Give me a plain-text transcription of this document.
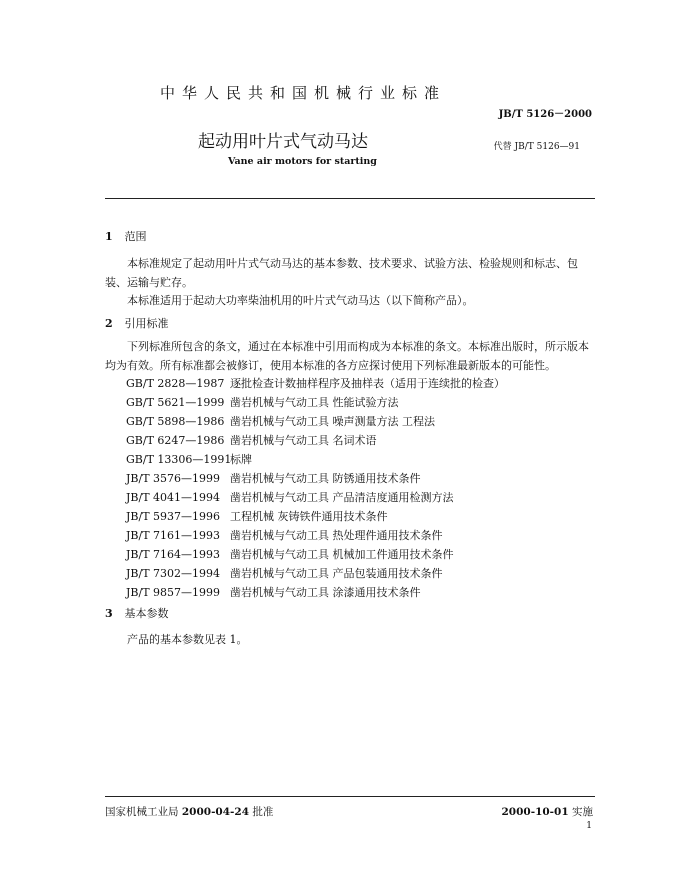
中华人民共和国机械行业标准
JB/T 5126－2000
起动用叶片式气动马达	代替 JB/T 5126—91
Vane air motors for starting
1 范围
本标准规定了起动用叶片式气动马达的基本参数、技术要求、试验方法、检验规则和标志、包装、运输与贮存。
本标准适用于起动大功率柴油机用的叶片式气动马达（以下简称产品）。
2 引用标准
下列标准所包含的条文，通过在本标准中引用而构成为本标准的条文。本标准出版时，所示版本均为有效。所有标准都会被修订，使用本标准的各方应探讨使用下列标准最新版本的可能性。
GB/T 2828—1987 逐批检查计数抽样程序及抽样表（适用于连续批的检查）
GB/T 5621—1999 凿岩机械与气动工具 性能试验方法
GB/T 5898—1986 凿岩机械与气动工具 噪声测量方法 工程法
GB/T 6247—1986 凿岩机械与气动工具 名词术语
GB/T 13306—1991标牌
JB/T 3576—1999 凿岩机械与气动工具 防锈通用技术条件
JB/T 4041—1994 凿岩机械与气动工具 产品清洁度通用检测方法
JB/T 5937—1996 工程机械 灰铸铁件通用技术条件
JB/T 7161—1993 凿岩机械与气动工具 热处理件通用技术条件
JB/T 7164—1993 凿岩机械与气动工具 机械加工件通用技术条件
JB/T 7302—1994 凿岩机械与气动工具 产品包装通用技术条件
JB/T 9857—1999 凿岩机械与气动工具 涂漆通用技术条件
3 基本参数
产品的基本参数见表 1。
国家机械工业局 2000-04-24 批准	2000-10-01 实施
1
